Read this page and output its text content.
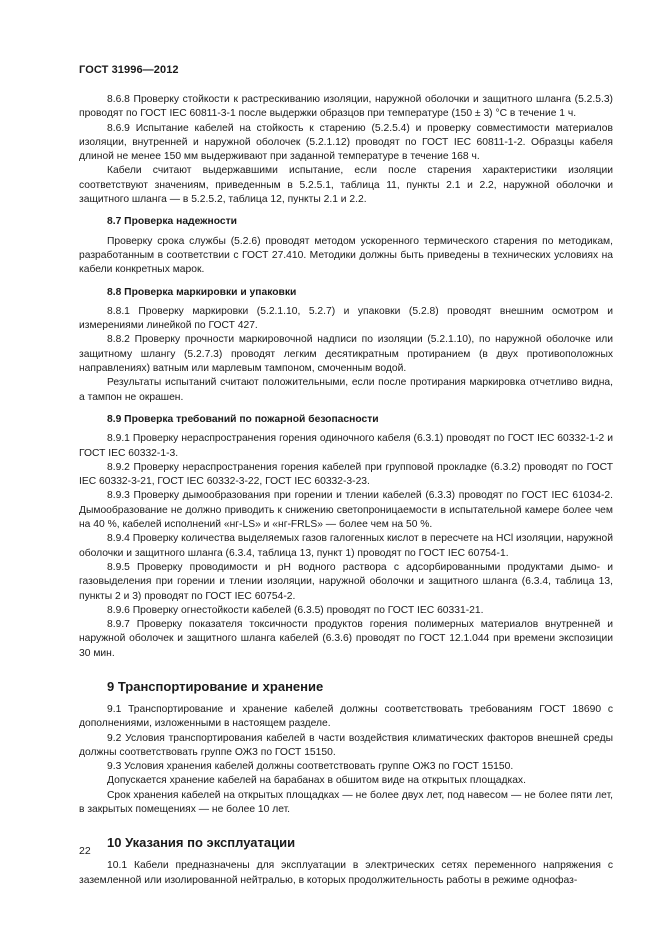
ГОСТ 31996—2012

8.6.8 Проверку стойкости к растрескиванию изоляции, наружной оболочки и защитного шланга (5.2.5.3) проводят по ГОСТ IEC 60811-3-1 после выдержки образцов при температуре (150 ± 3) °С в течение 1 ч.

8.6.9 Испытание кабелей на стойкость к старению (5.2.5.4) и проверку совместимости материалов изоляции, внутренней и наружной оболочек (5.2.1.12) проводят по ГОСТ IEC 60811-1-2. Образцы кабеля длиной не менее 150 мм выдерживают при заданной температуре в течение 168 ч.

Кабели считают выдержавшими испытание, если после старения характеристики изоляции соответствуют значениям, приведенным в 5.2.5.1, таблица 11, пункты 2.1 и 2.2, наружной оболочки и защитного шланга — в 5.2.5.2, таблица 12, пункты 2.1 и 2.2.

8.7 Проверка надежности

Проверку срока службы (5.2.6) проводят методом ускоренного термического старения по методикам, разработанным в соответствии с ГОСТ 27.410. Методики должны быть приведены в технических условиях на кабели конкретных марок.

8.8 Проверка маркировки и упаковки

8.8.1 Проверку маркировки (5.2.1.10, 5.2.7) и упаковки (5.2.8) проводят внешним осмотром и измерениями линейкой по ГОСТ 427.

8.8.2 Проверку прочности маркировочной надписи по изоляции (5.2.1.10), по наружной оболочке или защитному шлангу (5.2.7.3) проводят легким десятикратным протиранием (в двух противоположных направлениях) ватным или марлевым тампоном, смоченным водой.

Результаты испытаний считают положительными, если после протирания маркировка отчетливо видна, а тампон не окрашен.

8.9 Проверка требований по пожарной безопасности

8.9.1 Проверку нераспространения горения одиночного кабеля (6.3.1) проводят по ГОСТ IEC 60332-1-2 и ГОСТ IEC 60332-1-3.

8.9.2 Проверку нераспространения горения кабелей при групповой прокладке (6.3.2) проводят по ГОСТ IEC 60332-3-21, ГОСТ IEC 60332-3-22, ГОСТ IEC 60332-3-23.

8.9.3 Проверку дымообразования при горении и тлении кабелей (6.3.3) проводят по ГОСТ IEC 61034-2. Дымообразование не должно приводить к снижению светопроницаемости в испытательной камере более чем на 40 %, кабелей исполнений «нг-LS» и «нг-FRLS» — более чем на 50 %.

8.9.4 Проверку количества выделяемых газов галогенных кислот в пересчете на HCl изоляции, наружной оболочки и защитного шланга (6.3.4, таблица 13, пункт 1) проводят по ГОСТ IEC 60754-1.

8.9.5 Проверку проводимости и рН водного раствора с адсорбированными продуктами дымо- и газовыделения при горении и тлении изоляции, наружной оболочки и защитного шланга (6.3.4, таблица 13, пункты 2 и 3) проводят по ГОСТ IEC 60754-2.

8.9.6 Проверку огнестойкости кабелей (6.3.5) проводят по ГОСТ IEC 60331-21.

8.9.7 Проверку показателя токсичности продуктов горения полимерных материалов внутренней и наружной оболочек и защитного шланга кабелей (6.3.6) проводят по ГОСТ 12.1.044 при времени экспозиции 30 мин.

9 Транспортирование и хранение

9.1 Транспортирование и хранение кабелей должны соответствовать требованиям ГОСТ 18690 с дополнениями, изложенными в настоящем разделе.

9.2 Условия транспортирования кабелей в части воздействия климатических факторов внешней среды должны соответствовать группе ОЖ3 по ГОСТ 15150.

9.3 Условия хранения кабелей должны соответствовать группе ОЖ3 по ГОСТ 15150.

Допускается хранение кабелей на барабанах в обшитом виде на открытых площадках.

Срок хранения кабелей на открытых площадках — не более двух лет, под навесом — не более пяти лет, в закрытых помещениях — не более 10 лет.

10 Указания по эксплуатации

10.1 Кабели предназначены для эксплуатации в электрических сетях переменного напряжения с заземленной или изолированной нейтралью, в которых продолжительность работы в режиме однофаз-

22
